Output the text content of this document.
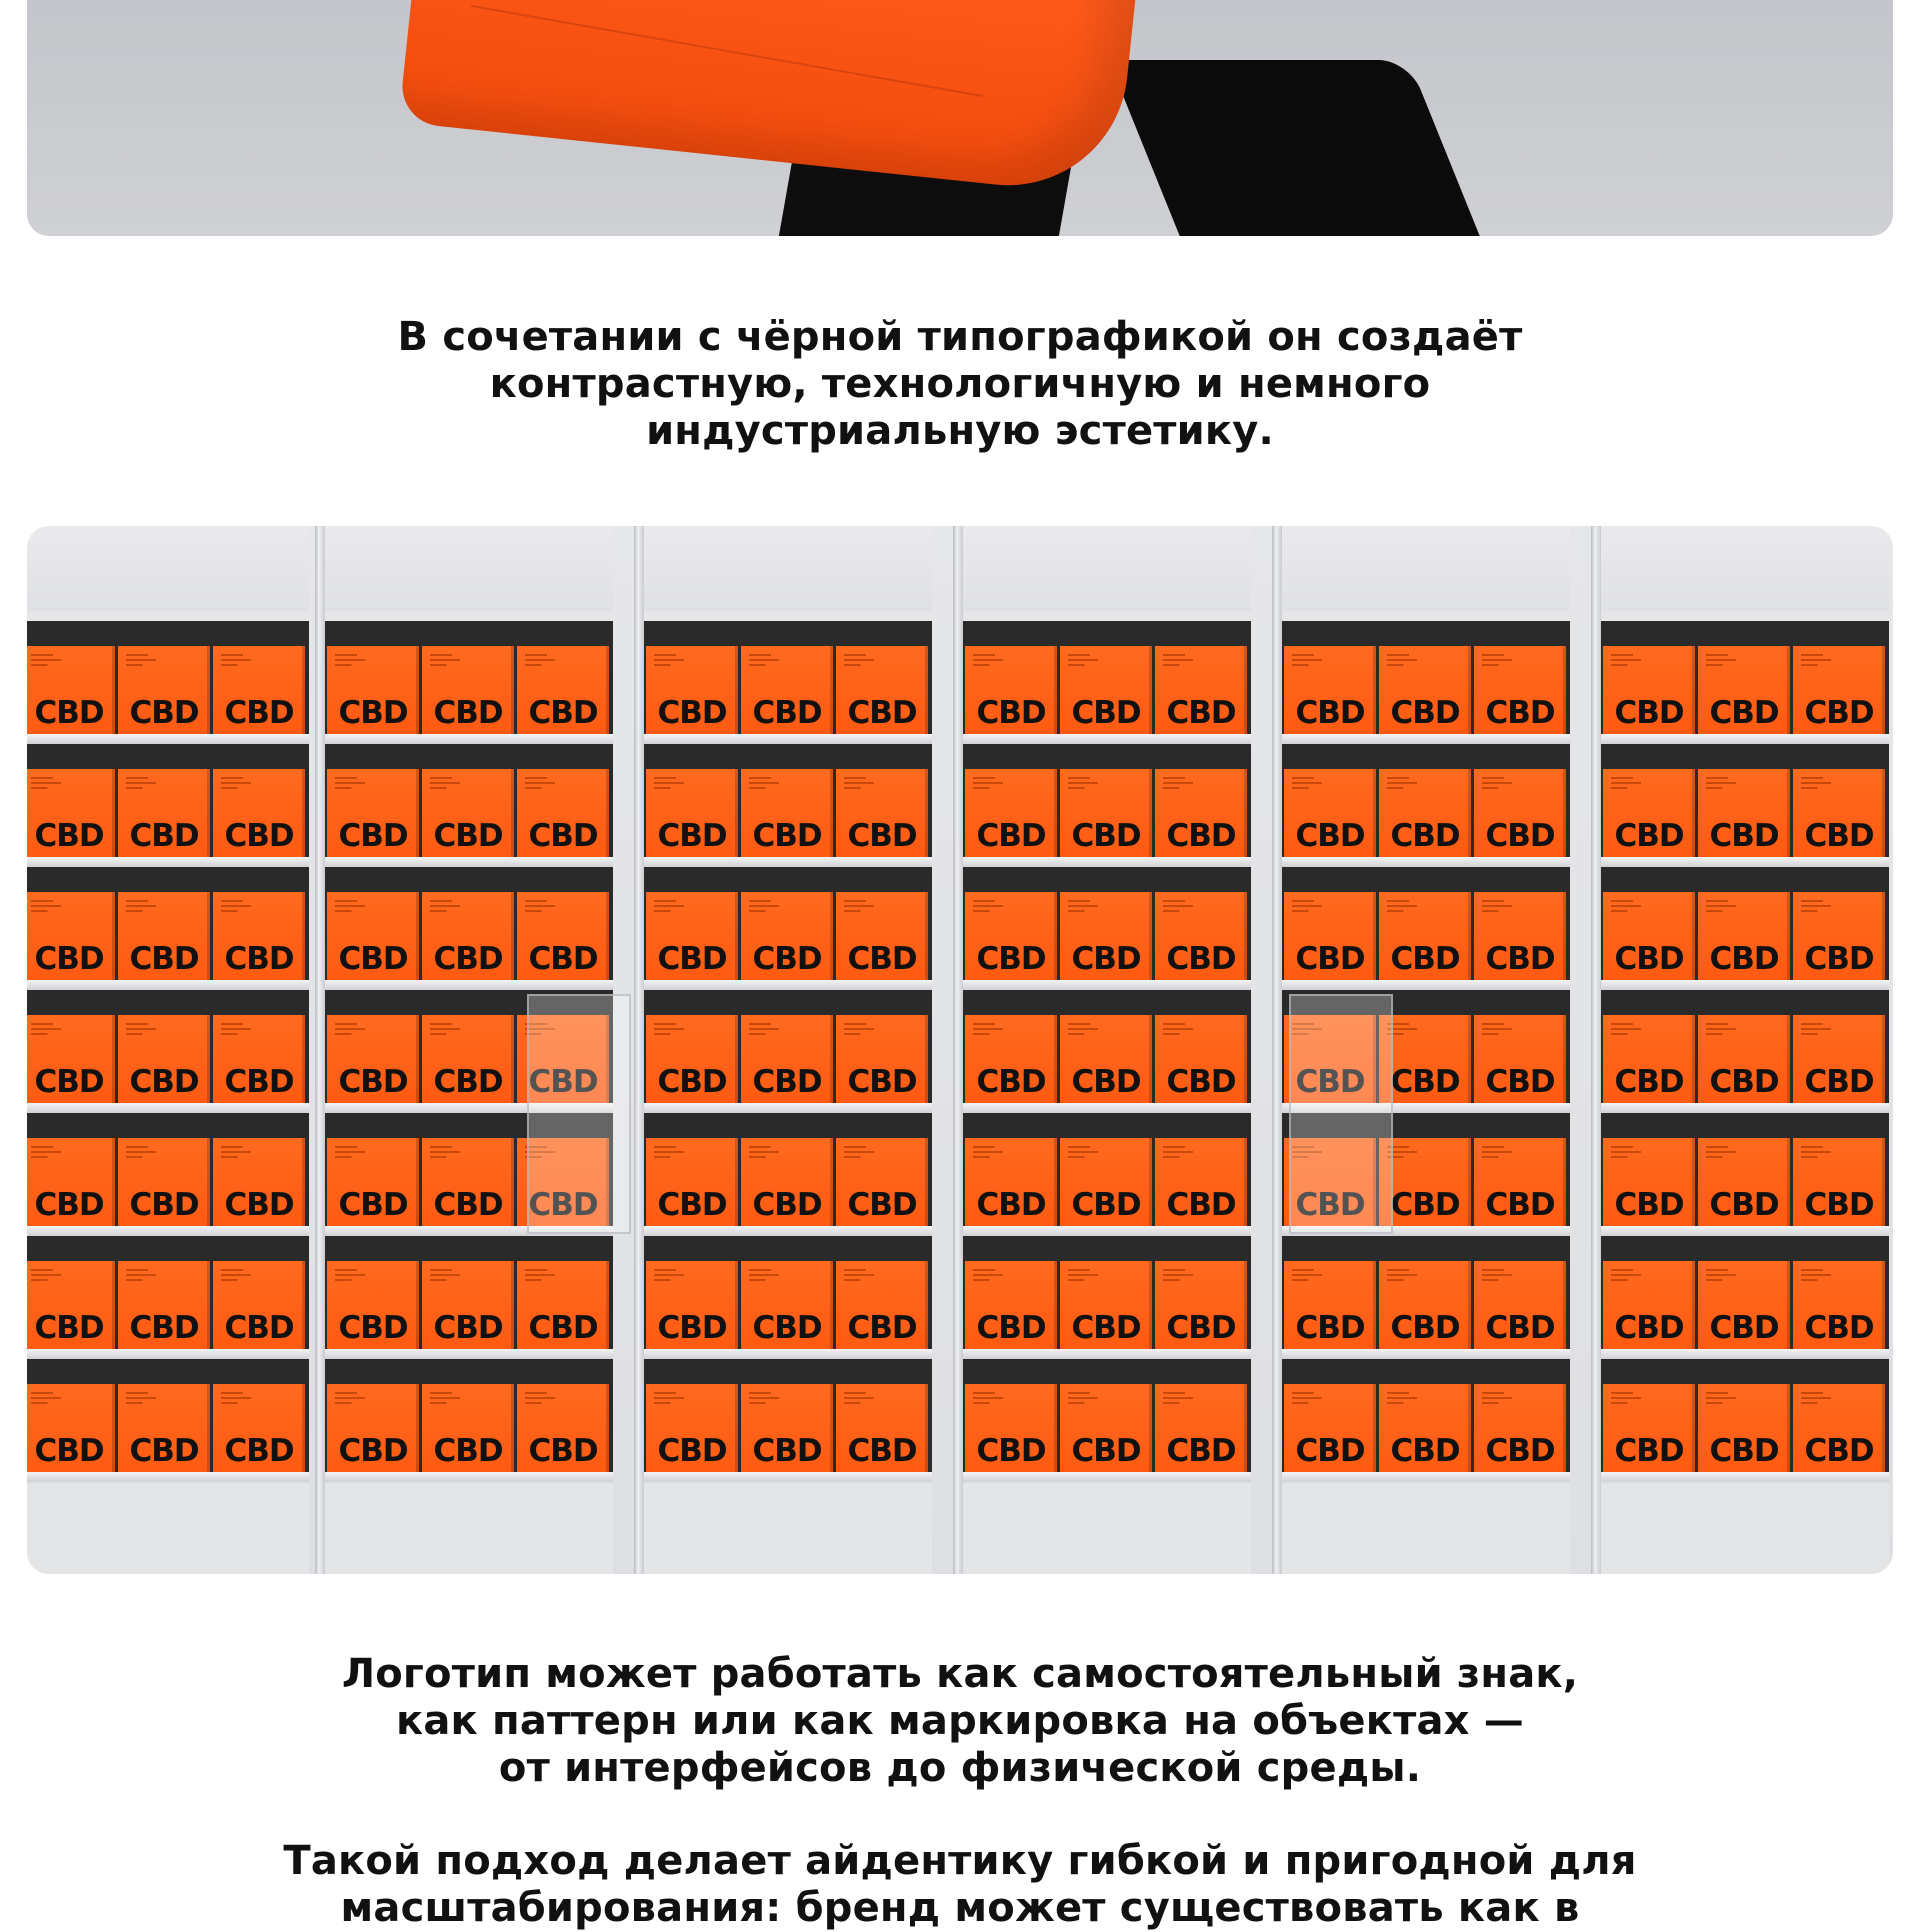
В сочетании с чёрной типографикой он создаёт
контрастную, технологичную и немного
индустриальную эстетику.
CBD CBD CBD
CBD CBD CBD
CBD CBD CBD
CBD CBD CBD
CBD CBD CBD
CBD CBD CBD
CBD CBD CBD
CBD CBD CBD
CBD CBD CBD
CBD CBD CBD
CBD CBD CBD
CBD CBD CBD
CBD CBD CBD
CBD CBD CBD
CBD CBD CBD
CBD CBD CBD
CBD CBD CBD
CBD CBD CBD
CBD CBD CBD
CBD CBD CBD
CBD CBD CBD
CBD CBD CBD
CBD CBD CBD
CBD CBD CBD
CBD CBD CBD
CBD CBD CBD
CBD CBD CBD
CBD CBD CBD
CBD CBD CBD
CBD CBD CBD
CBD CBD CBD
CBD CBD CBD
CBD CBD CBD
CBD CBD CBD
CBD CBD CBD
CBD CBD CBD
CBD CBD CBD
CBD CBD CBD
CBD CBD CBD
CBD CBD CBD
CBD CBD CBD
CBD CBD CBD
Логотип может работать как самостоятельный знак,
как паттерн или как маркировка на объектах —
от интерфейсов до физической среды.
Такой подход делает айдентику гибкой и пригодной для
масштабирования: бренд может существовать как в
